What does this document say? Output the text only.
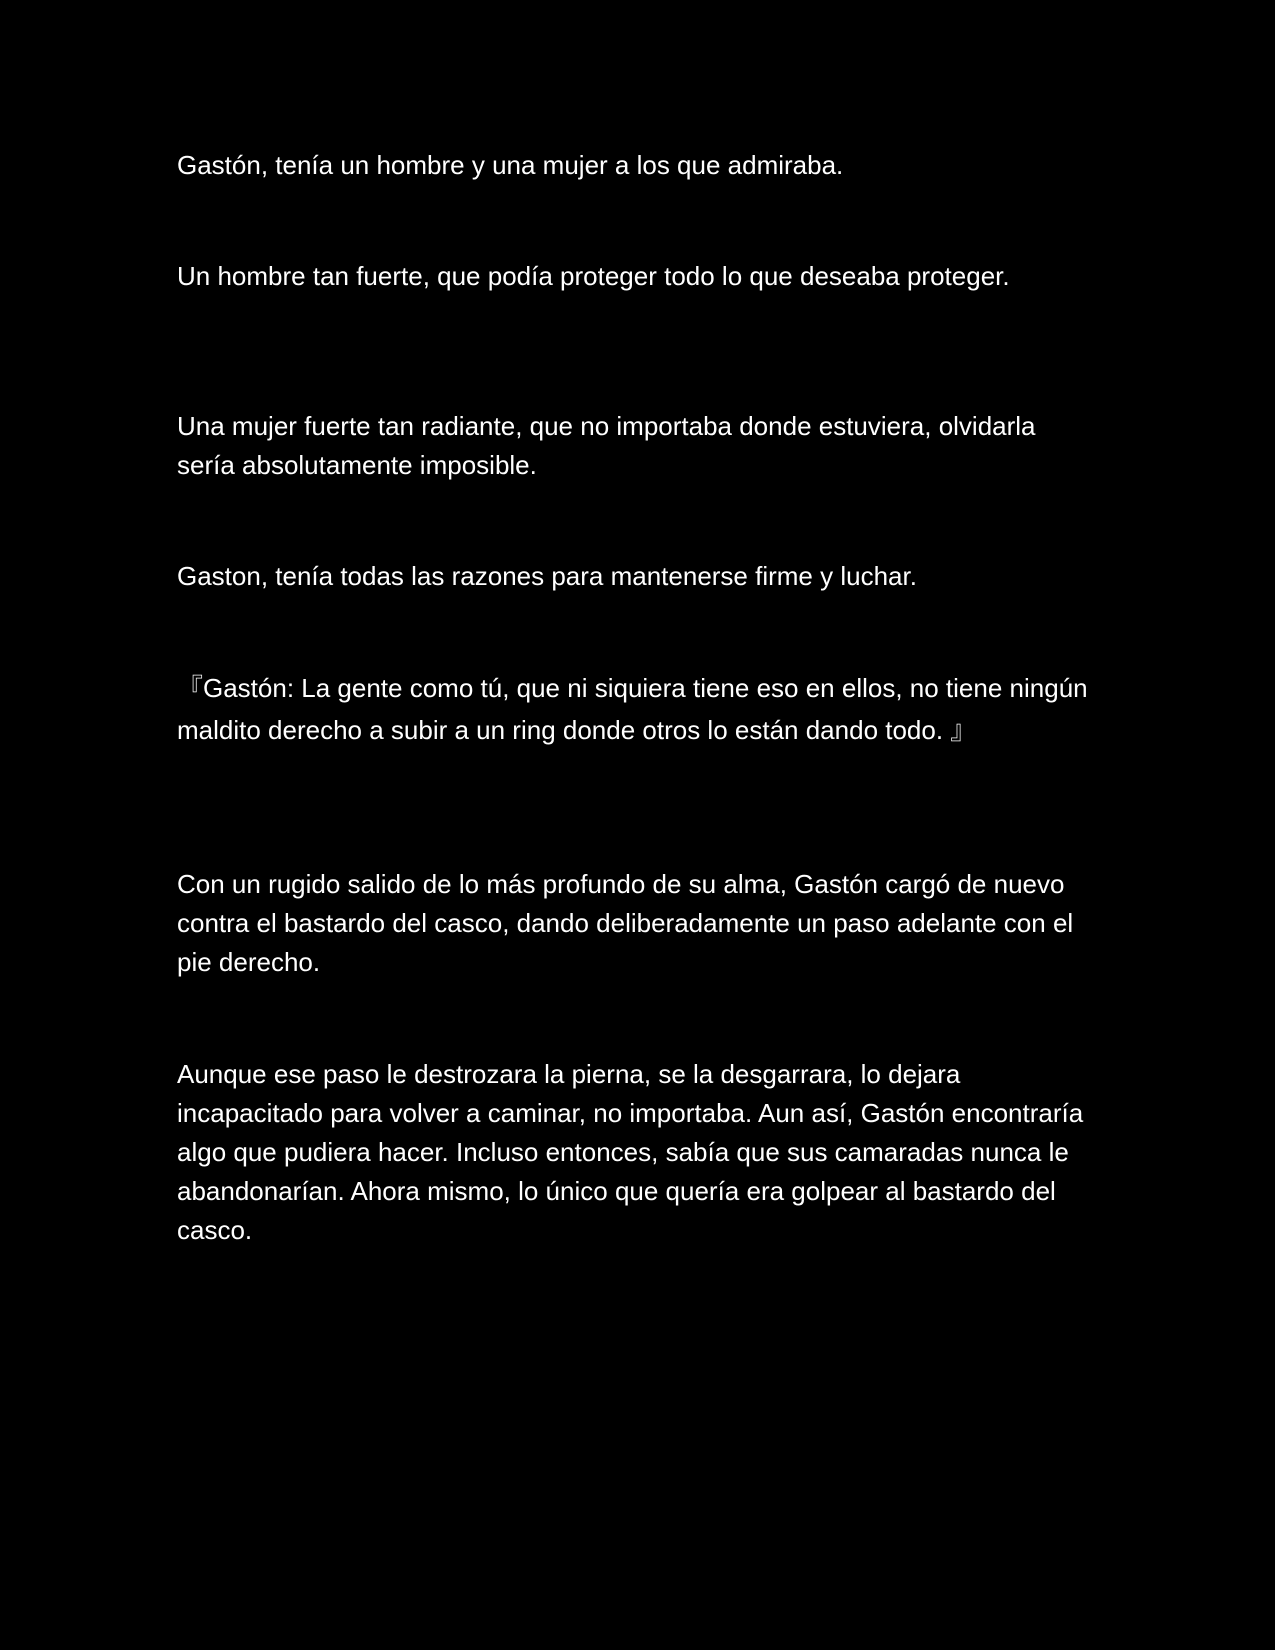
Gastón, tenía un hombre y una mujer a los que admiraba.

Un hombre tan fuerte, que podía proteger todo lo que deseaba proteger.

Una mujer fuerte tan radiante, que no importaba donde estuviera, olvidarla sería absolutamente imposible.

Gaston, tenía todas las razones para mantenerse firme y luchar.

『Gastón: La gente como tú, que ni siquiera tiene eso en ellos, no tiene ningún maldito derecho a subir a un ring donde otros lo están dando todo. 』

Con un rugido salido de lo más profundo de su alma, Gastón cargó de nuevo contra el bastardo del casco, dando deliberadamente un paso adelante con el pie derecho.

Aunque ese paso le destrozara la pierna, se la desgarrara, lo dejara incapacitado para volver a caminar, no importaba. Aun así, Gastón encontraría algo que pudiera hacer. Incluso entonces, sabía que sus camaradas nunca le abandonarían. Ahora mismo, lo único que quería era golpear al bastardo del casco.
